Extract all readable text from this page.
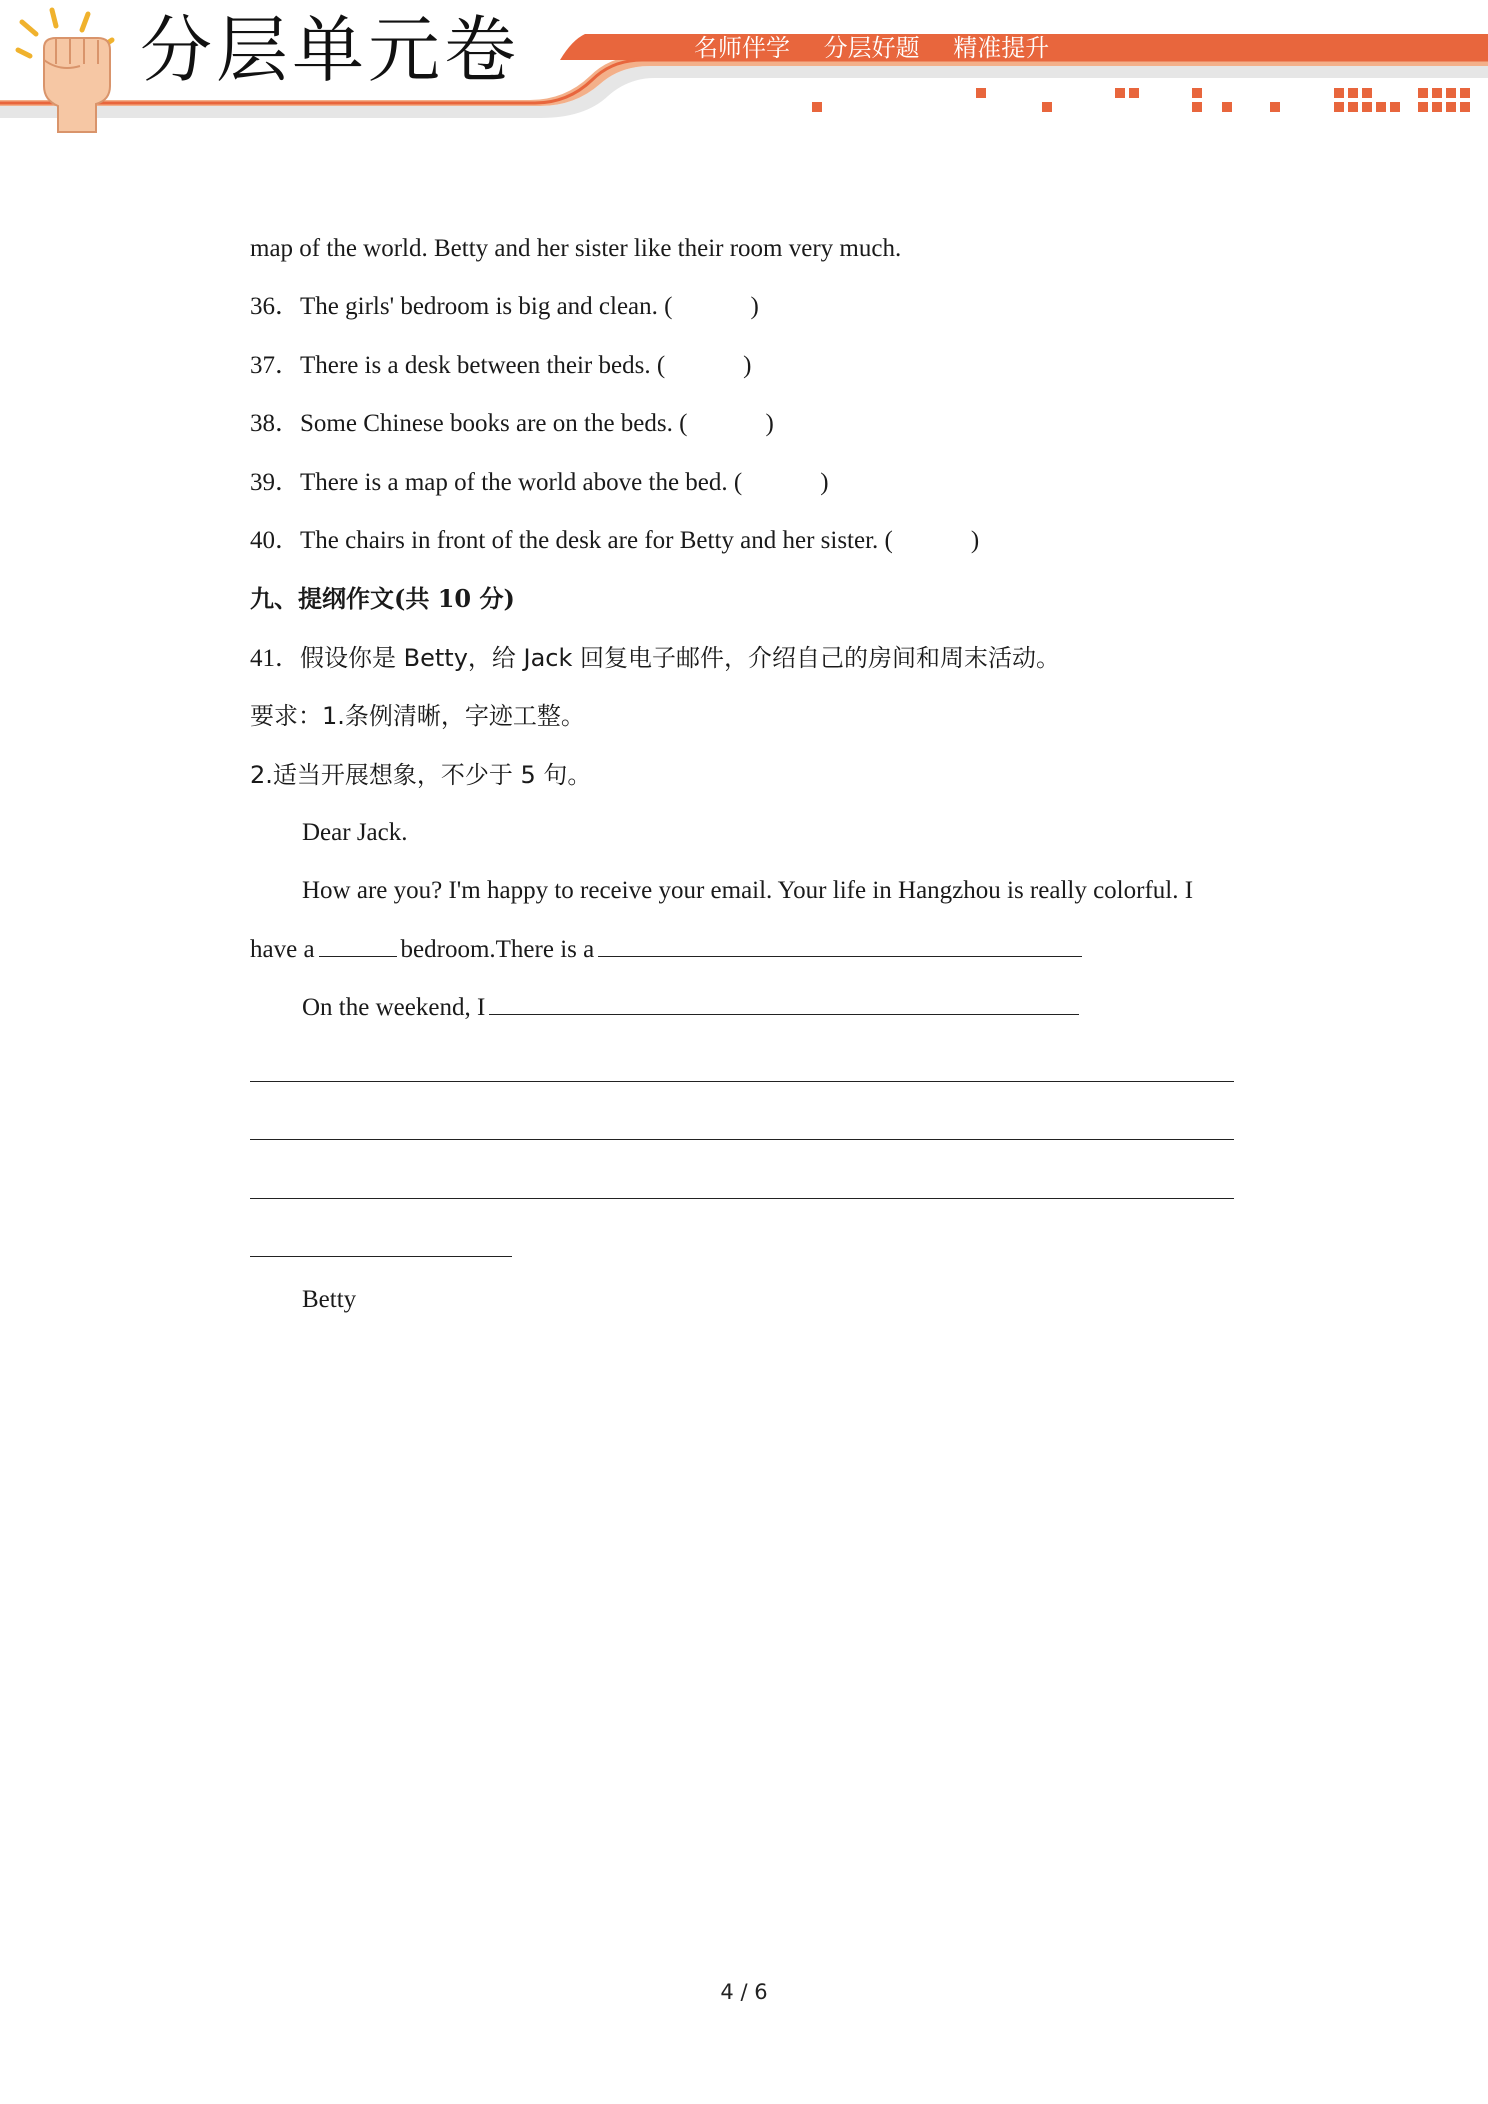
分层单元卷	名师伴学 分层好题 精准提升
map of the world. Betty and her sister like their room very much.
36．The girls' bedroom is big and clean. (	)
37．There is a desk between their beds. (	)
38．Some Chinese books are on the beds. (	)
39．There is a map of the world above the bed. (	)
40．The chairs in front of the desk are for Betty and her sister. (	)
九、提纲作文(共 10 分)
41．假设你是 Betty，给 Jack 回复电子邮件，介绍自己的房间和周末活动。
要求：1.条例清晰，字迹工整。
2.适当开展想象，不少于 5 句。
Dear Jack.
How are you? I'm happy to receive your email. Your life in Hangzhou is really colorful. I
have a	bedroom.There is a
On the weekend, I
Betty
4 / 6
